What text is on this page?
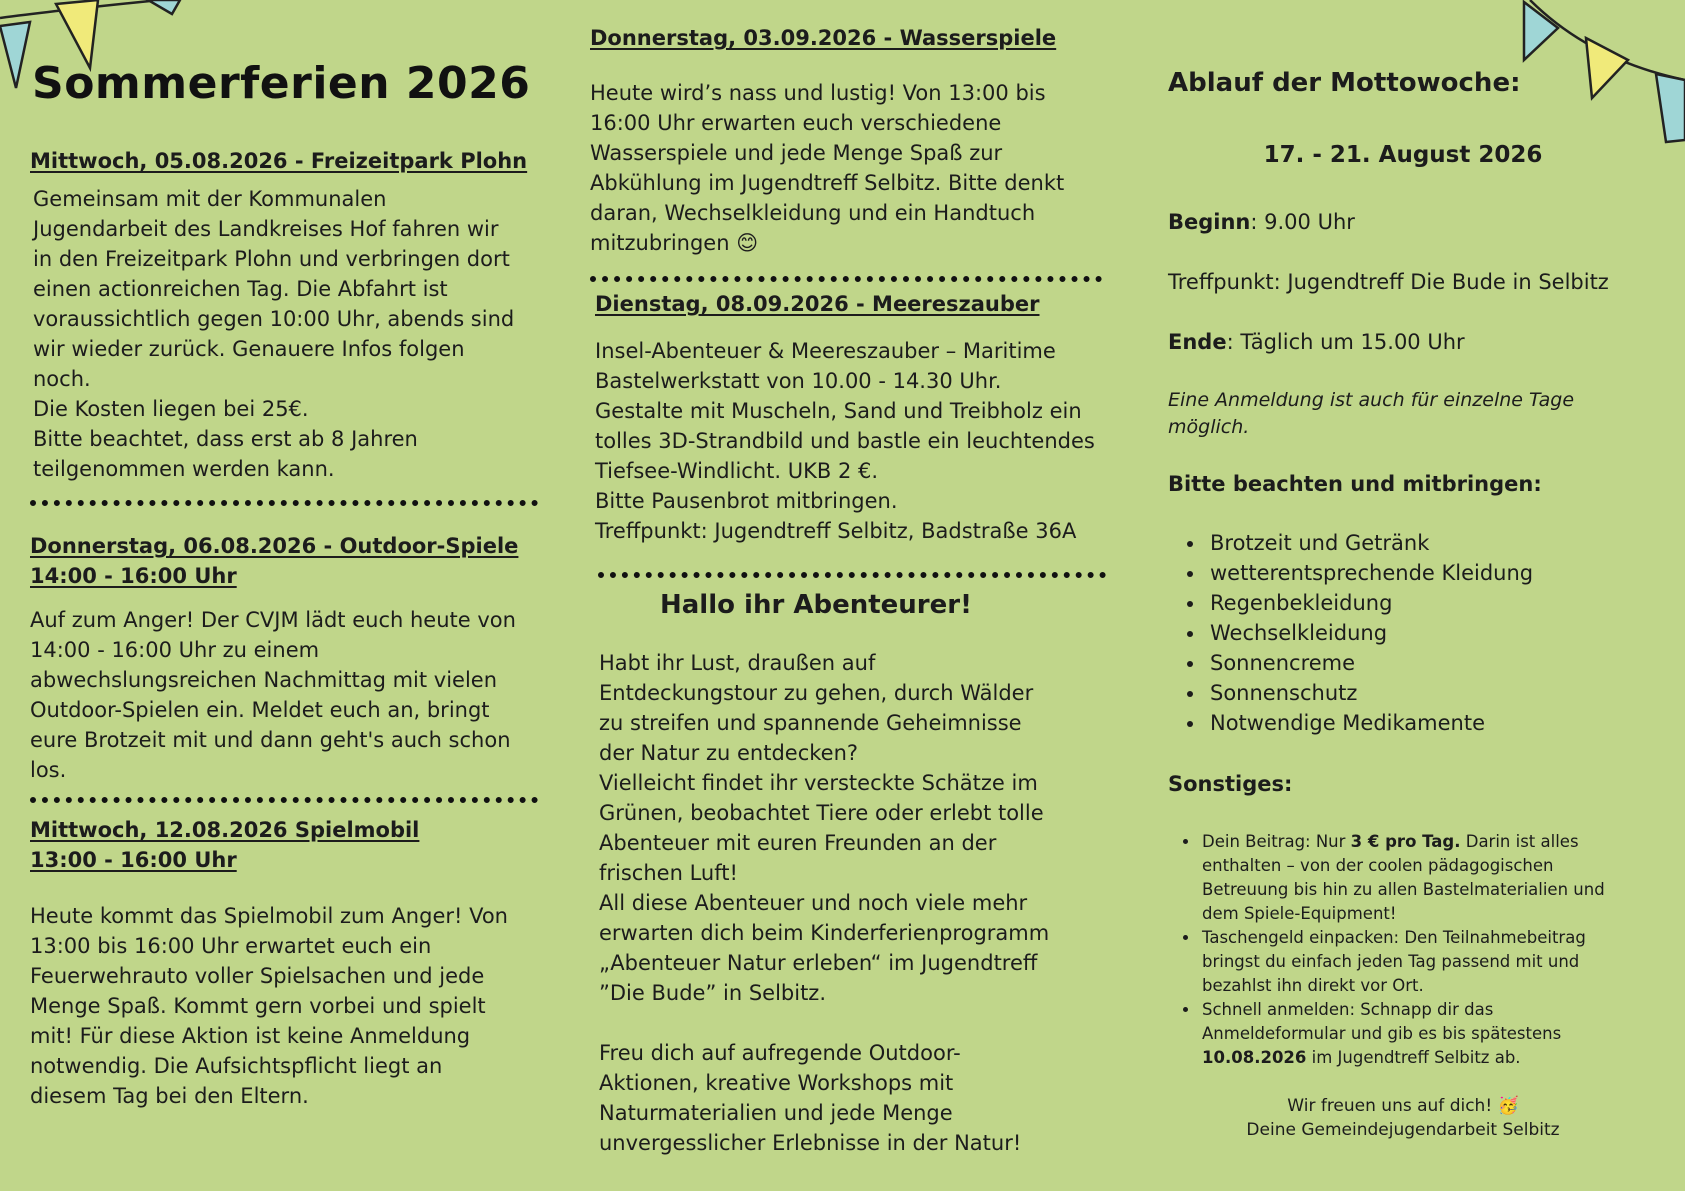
Sommerferien 2026
Mittwoch, 05.08.2026 - Freizeitpark Plohn

Gemeinsam mit der Kommunalen
Jugendarbeit des Landkreises Hof fahren wir
in den Freizeitpark Plohn und verbringen dort
einen actionreichen Tag. Die Abfahrt ist
voraussichtlich gegen 10:00 Uhr, abends sind
wir wieder zurück. Genauere Infos folgen
noch.
Die Kosten liegen bei 25€.
Bitte beachtet, dass erst ab 8 Jahren
teilgenommen werden kann.

Donnerstag, 06.08.2026 - Outdoor-Spiele
14:00 - 16:00 Uhr

Auf zum Anger! Der CVJM lädt euch heute von
14:00 - 16:00 Uhr zu einem
abwechslungsreichen Nachmittag mit vielen
Outdoor-Spielen ein. Meldet euch an, bringt
eure Brotzeit mit und dann geht's auch schon
los.

Mittwoch, 12.08.2026 Spielmobil
13:00 - 16:00 Uhr

Heute kommt das Spielmobil zum Anger! Von
13:00 bis 16:00 Uhr erwartet euch ein
Feuerwehrauto voller Spielsachen und jede
Menge Spaß. Kommt gern vorbei und spielt
mit! Für diese Aktion ist keine Anmeldung
notwendig. Die Aufsichtspflicht liegt an
diesem Tag bei den Eltern.

Donnerstag, 03.09.2026 - Wasserspiele

Heute wird’s nass und lustig! Von 13:00 bis
16:00 Uhr erwarten euch verschiedene
Wasserspiele und jede Menge Spaß zur
Abkühlung im Jugendtreff Selbitz. Bitte denkt
daran, Wechselkleidung und ein Handtuch
mitzubringen 😊

Dienstag, 08.09.2026 - Meereszauber

Insel-Abenteuer & Meereszauber – Maritime
Bastelwerkstatt von 10.00 - 14.30 Uhr.
Gestalte mit Muscheln, Sand und Treibholz ein
tolles 3D-Strandbild und bastle ein leuchtendes
Tiefsee-Windlicht. UKB 2 €.
Bitte Pausenbrot mitbringen.
Treffpunkt: Jugendtreff Selbitz, Badstraße 36A

Hallo ihr Abenteurer!

Habt ihr Lust, draußen auf
Entdeckungstour zu gehen, durch Wälder
zu streifen und spannende Geheimnisse
der Natur zu entdecken?
Vielleicht findet ihr versteckte Schätze im
Grünen, beobachtet Tiere oder erlebt tolle
Abenteuer mit euren Freunden an der
frischen Luft!
All diese Abenteuer und noch viele mehr
erwarten dich beim Kinderferienprogramm
„Abenteuer Natur erleben“ im Jugendtreff
”Die Bude” in Selbitz.

Freu dich auf aufregende Outdoor-
Aktionen, kreative Workshops mit
Naturmaterialien und jede Menge
unvergesslicher Erlebnisse in der Natur!

Ablauf der Mottowoche:

17. - 21. August 2026

Beginn: 9.00 Uhr

Treffpunkt: Jugendtreff Die Bude in Selbitz

Ende: Täglich um 15.00 Uhr

Eine Anmeldung ist auch für einzelne Tage möglich.

Bitte beachten und mitbringen:
• Brotzeit und Getränk
• wetterentsprechende Kleidung
• Regenbekleidung
• Wechselkleidung
• Sonnencreme
• Sonnenschutz
• Notwendige Medikamente
Sonstiges:
• Dein Beitrag: Nur 3 € pro Tag. Darin ist alles enthalten – von der coolen pädagogischen Betreuung bis hin zu allen Bastelmaterialien und dem Spiele-Equipment!
• Taschengeld einpacken: Den Teilnahmebeitrag bringst du einfach jeden Tag passend mit und bezahlst ihn direkt vor Ort.
• Schnell anmelden: Schnapp dir das Anmeldeformular und gib es bis spätestens 10.08.2026 im Jugendtreff Selbitz ab.

Wir freuen uns auf dich! 🥳

Deine Gemeindejugendarbeit Selbitz
